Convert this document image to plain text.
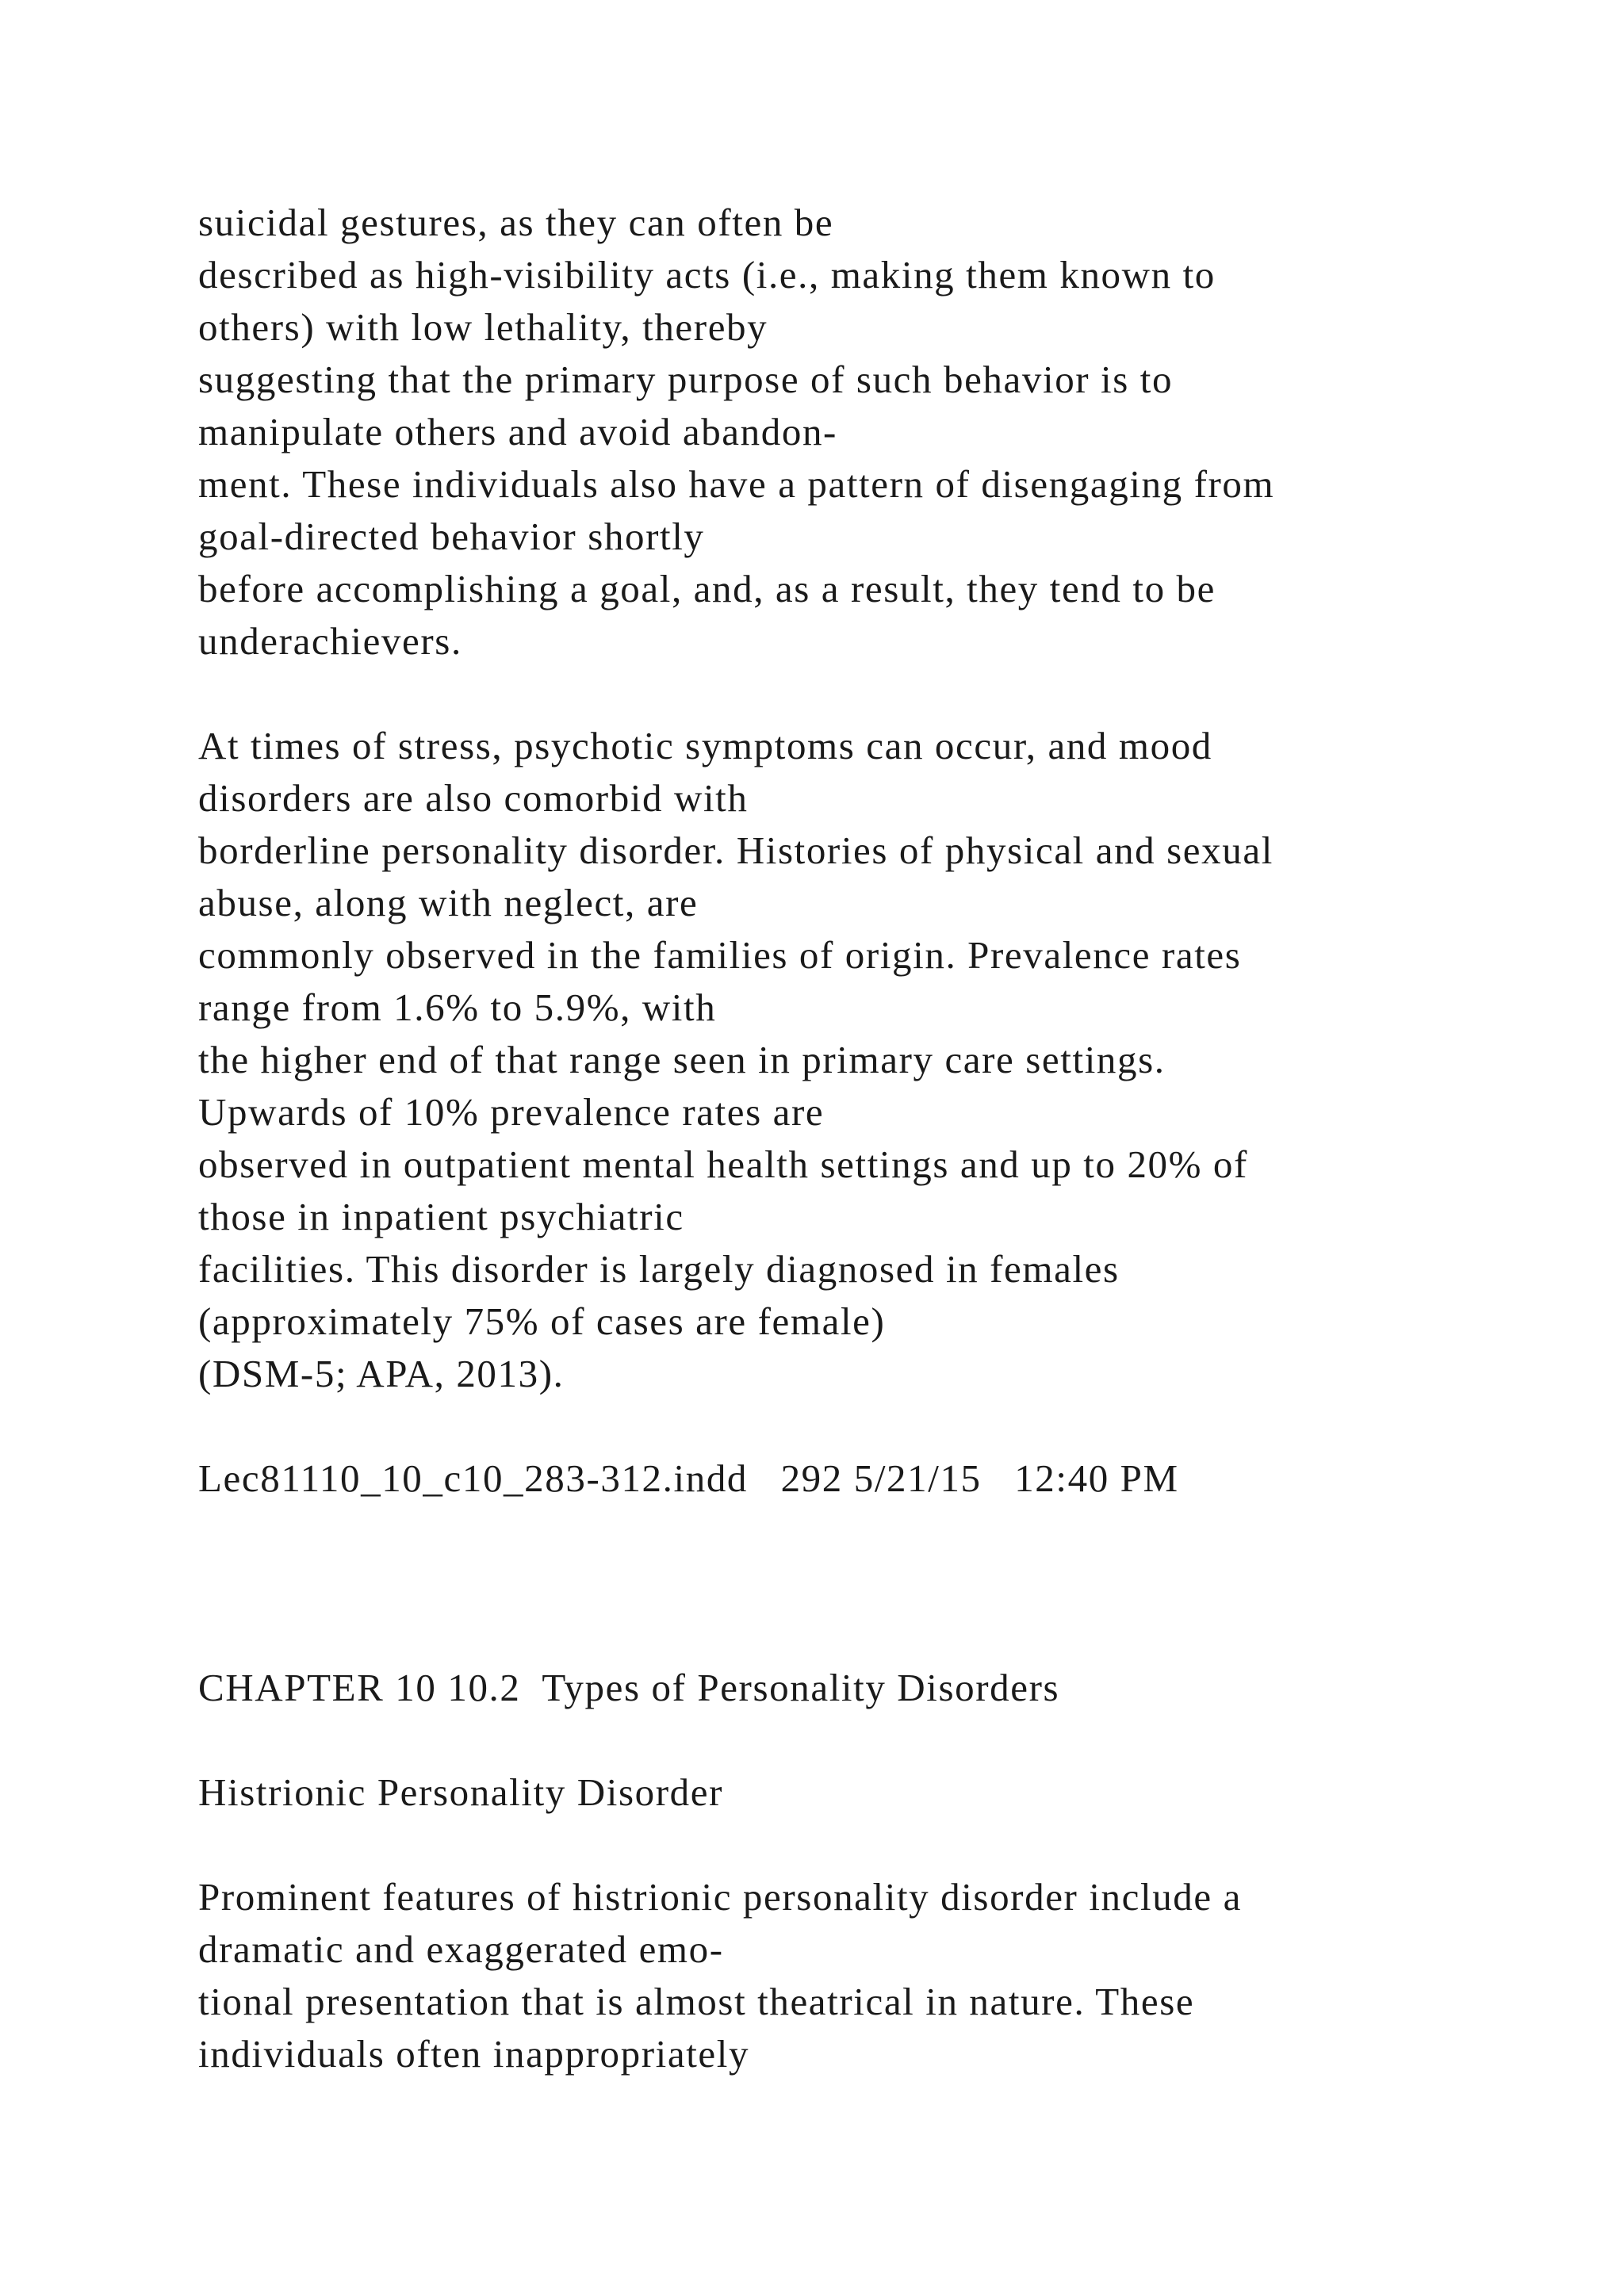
suicidal gestures, as they can often be
described as high-visibility acts (i.e., making them known to
others) with low lethality, thereby
suggesting that the primary purpose of such behavior is to
manipulate others and avoid abandon-
ment. These individuals also have a pattern of disengaging from
goal-directed behavior shortly
before accomplishing a goal, and, as a result, they tend to be
underachievers.
At times of stress, psychotic symptoms can occur, and mood
disorders are also comorbid with
borderline personality disorder. Histories of physical and sexual
abuse, along with neglect, are
commonly observed in the families of origin. Prevalence rates
range from 1.6% to 5.9%, with
the higher end of that range seen in primary care settings.
Upwards of 10% prevalence rates are
observed in outpatient mental health settings and up to 20% of
those in inpatient psychiatric
facilities. This disorder is largely diagnosed in females
(approximately 75% of cases are female)
(DSM-5; APA, 2013).
Lec81110_10_c10_283-312.indd   292 5/21/15   12:40 PM
CHAPTER 10 10.2  Types of Personality Disorders
Histrionic Personality Disorder
Prominent features of histrionic personality disorder include a
dramatic and exaggerated emo-
tional presentation that is almost theatrical in nature. These
individuals often inappropriately
